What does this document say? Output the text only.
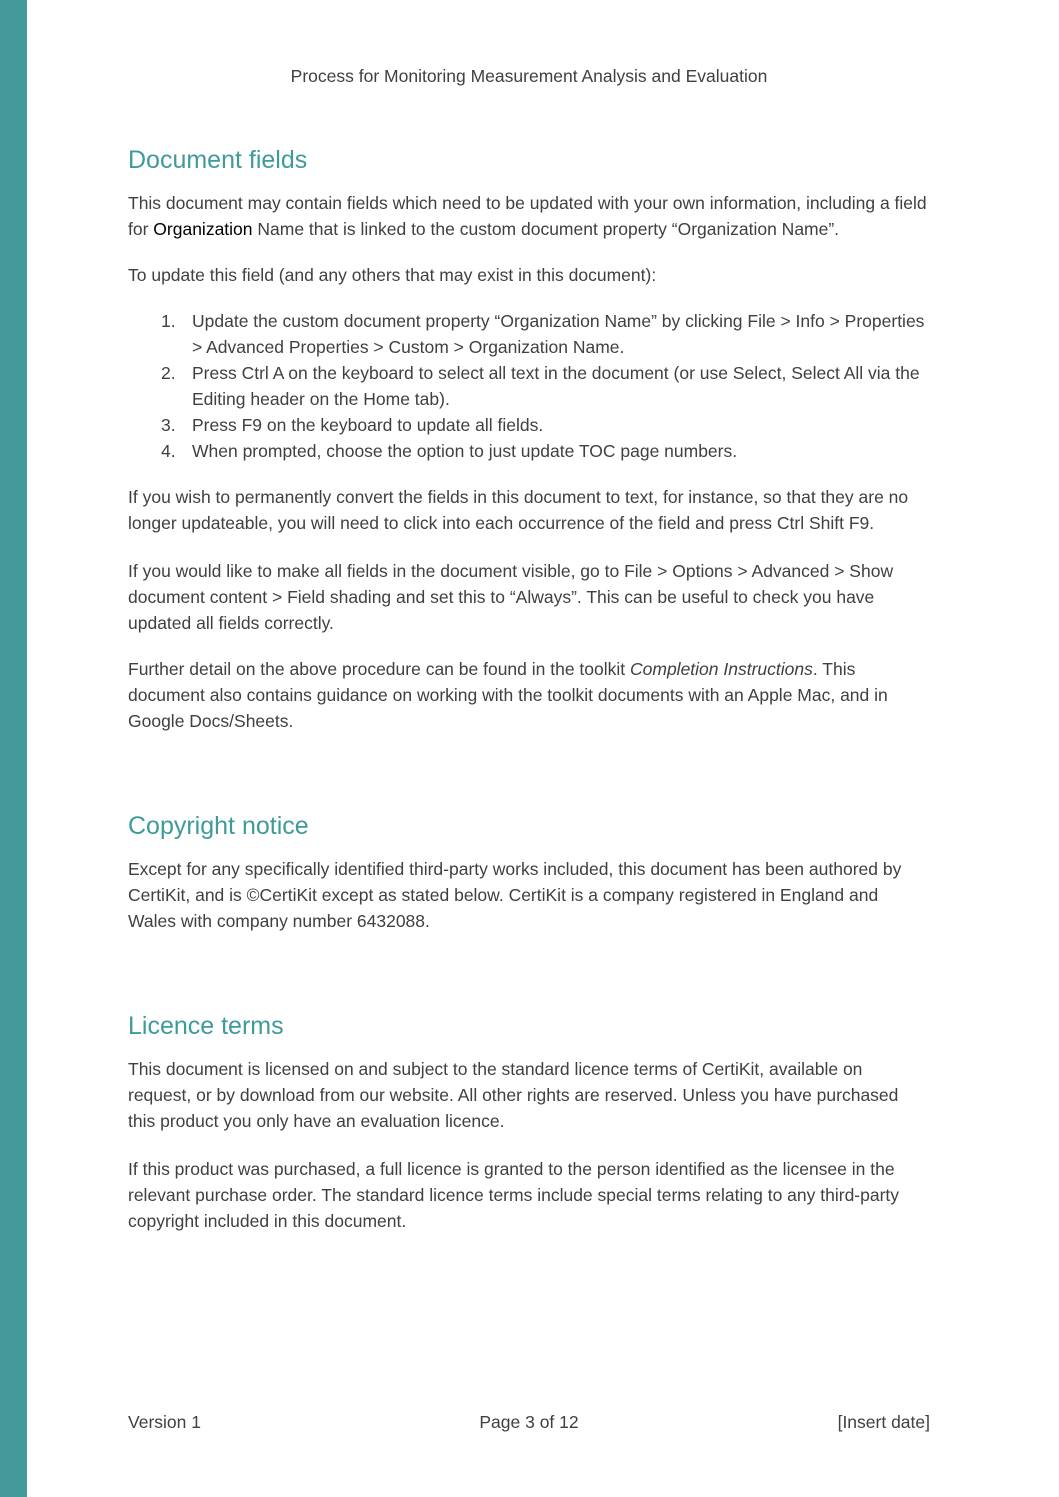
Process for Monitoring Measurement Analysis and Evaluation
Document fields

This document may contain fields which need to be updated with your own information, including a field for Organization Name that is linked to the custom document property “Organization Name”.

To update this field (and any others that may exist in this document):

1. Update the custom document property “Organization Name” by clicking File > Info > Properties > Advanced Properties > Custom > Organization Name.
2. Press Ctrl A on the keyboard to select all text in the document (or use Select, Select All via the Editing header on the Home tab).
3. Press F9 on the keyboard to update all fields.
4. When prompted, choose the option to just update TOC page numbers.

If you wish to permanently convert the fields in this document to text, for instance, so that they are no longer updateable, you will need to click into each occurrence of the field and press Ctrl Shift F9.

If you would like to make all fields in the document visible, go to File > Options > Advanced > Show document content > Field shading and set this to “Always”. This can be useful to check you have updated all fields correctly.

Further detail on the above procedure can be found in the toolkit Completion Instructions. This document also contains guidance on working with the toolkit documents with an Apple Mac, and in Google Docs/Sheets.

Copyright notice

Except for any specifically identified third-party works included, this document has been authored by CertiKit, and is ©CertiKit except as stated below. CertiKit is a company registered in England and Wales with company number 6432088.

Licence terms

This document is licensed on and subject to the standard licence terms of CertiKit, available on request, or by download from our website. All other rights are reserved. Unless you have purchased this product you only have an evaluation licence.

If this product was purchased, a full licence is granted to the person identified as the licensee in the relevant purchase order. The standard licence terms include special terms relating to any third-party copyright included in this document.

Version 1	Page 3 of 12	[Insert date]
